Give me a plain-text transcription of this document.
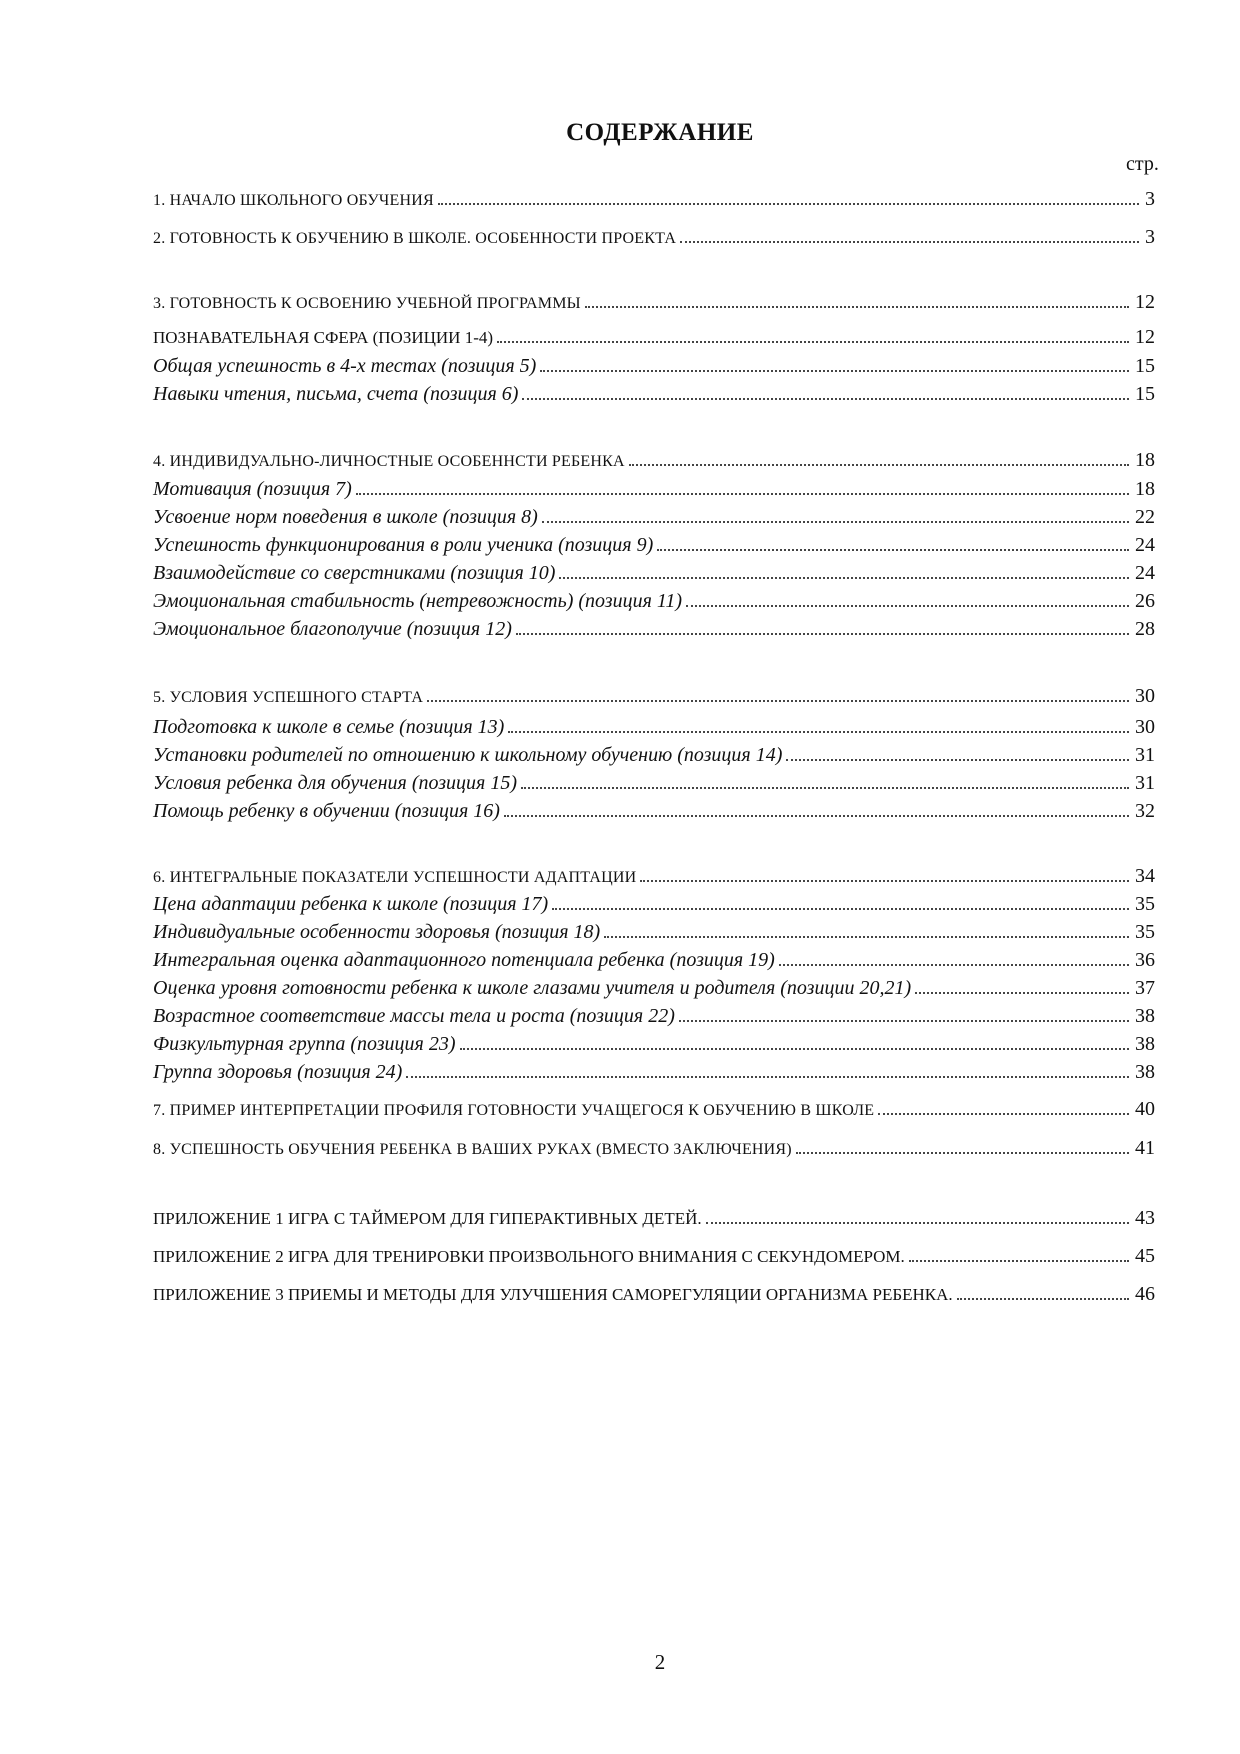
СОДЕРЖАНИЕ
стр.
1. НАЧАЛО ШКОЛЬНОГО ОБУЧЕНИЯ	3
2. ГОТОВНОСТЬ К ОБУЧЕНИЮ В ШКОЛЕ. ОСОБЕННОСТИ ПРОЕКТА	3
3. ГОТОВНОСТЬ К ОСВОЕНИЮ УЧЕБНОЙ ПРОГРАММЫ	12
ПОЗНАВАТЕЛЬНАЯ СФЕРА (ПОЗИЦИИ 1-4)	12
Общая успешность в 4-х тестах (позиция 5)	15
Навыки чтения, письма, счета (позиция 6)	15
4. ИНДИВИДУАЛЬНО-ЛИЧНОСТНЫЕ ОСОБЕННСТИ РЕБЕНКА	18
Мотивация (позиция 7)	18
Усвоение норм поведения в школе (позиция 8)	22
Успешность функционирования в роли ученика (позиция 9)	24
Взаимодействие со сверстниками (позиция 10)	24
Эмоциональная стабильность (нетревожность) (позиция 11)	26
Эмоциональное благополучие (позиция 12)	28
5. УСЛОВИЯ УСПЕШНОГО СТАРТА	30
Подготовка к школе в семье (позиция 13)	30
Установки родителей по отношению к школьному обучению (позиция 14)	31
Условия ребенка для обучения (позиция 15)	31
Помощь ребенку в обучении (позиция 16)	32
6. ИНТЕГРАЛЬНЫЕ ПОКАЗАТЕЛИ УСПЕШНОСТИ АДАПТАЦИИ	34
Цена адаптации ребенка к школе (позиция 17)	35
Индивидуальные особенности здоровья (позиция 18)	35
Интегральная оценка адаптационного потенциала ребенка (позиция 19)	36
Оценка уровня готовности ребенка к школе глазами учителя и родителя (позиции 20,21)	37
Возрастное соответствие массы тела и роста (позиция 22)	38
Физкультурная группа (позиция 23)	38
Группа здоровья (позиция 24)	38
7. ПРИМЕР ИНТЕРПРЕТАЦИИ ПРОФИЛЯ ГОТОВНОСТИ УЧАЩЕГОСЯ К ОБУЧЕНИЮ В ШКОЛЕ	40
8. УСПЕШНОСТЬ ОБУЧЕНИЯ РЕБЕНКА В ВАШИХ РУКАХ (ВМЕСТО ЗАКЛЮЧЕНИЯ)	41
ПРИЛОЖЕНИЕ 1 ИГРА С ТАЙМЕРОМ ДЛЯ ГИПЕРАКТИВНЫХ ДЕТЕЙ.	43
ПРИЛОЖЕНИЕ 2 ИГРА ДЛЯ ТРЕНИРОВКИ ПРОИЗВОЛЬНОГО ВНИМАНИЯ С СЕКУНДОМЕРОМ.	45
ПРИЛОЖЕНИЕ 3 ПРИЕМЫ И МЕТОДЫ ДЛЯ УЛУЧШЕНИЯ САМОРЕГУЛЯЦИИ ОРГАНИЗМА РЕБЕНКА.	46
2
